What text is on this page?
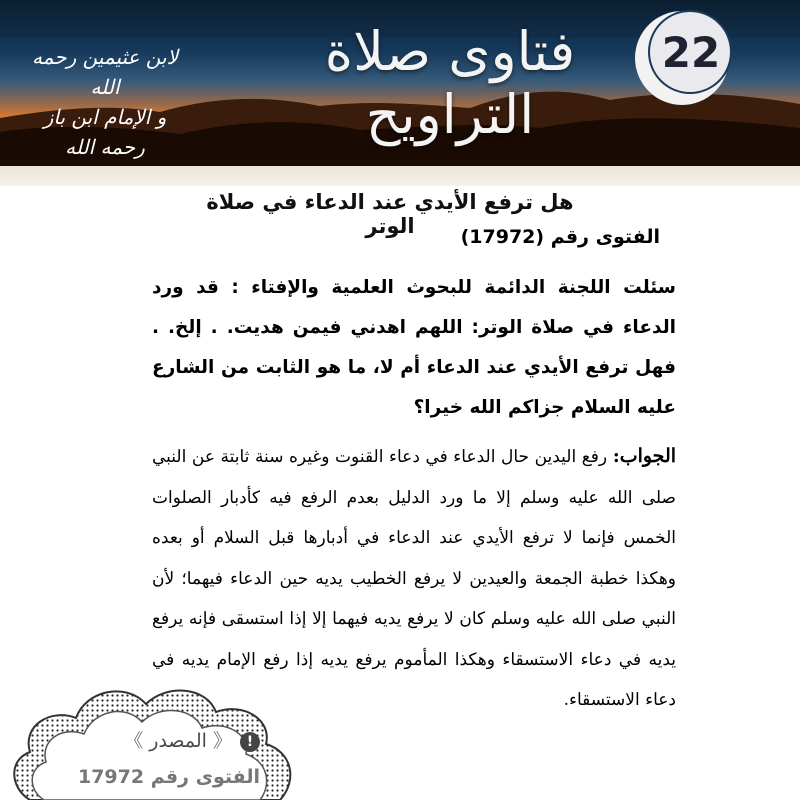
فتاوى صلاة التراويح
لابن عثيمين رحمه الله
و الإمام ابن باز رحمه الله
22
هل ترفع الأيدي عند الدعاء في صلاة الوتر	الفتوى رقم (17972)
سئلت اللجنة الدائمة للبحوث العلمية والإفتاء : قد ورد الدعاء في صلاة الوتر: اللهم اهدني فيمن هديت. . إلخ. . فهل ترفع الأيدي عند الدعاء أم لا، ما هو الثابت من الشارع عليه السلام جزاكم الله خيرا؟
الجواب: رفع اليدين حال الدعاء في دعاء القنوت وغيره سنة ثابتة عن النبي صلى الله عليه وسلم إلا ما ورد الدليل بعدم الرفع فيه كأدبار الصلوات الخمس فإنما لا ترفع الأيدي عند الدعاء في أدبارها قبل السلام أو بعده وهكذا خطبة الجمعة والعيدين لا يرفع الخطيب يديه حين الدعاء فيهما؛ لأن النبي صلى الله عليه وسلم كان لا يرفع يديه فيهما إلا إذا استسقى فإنه يرفع يديه في دعاء الاستسقاء وهكذا المأموم يرفع يديه إذا رفع الإمام يديه في دعاء الاستسقاء.
!《 المصدر 》
الفتوى رقم 17972
